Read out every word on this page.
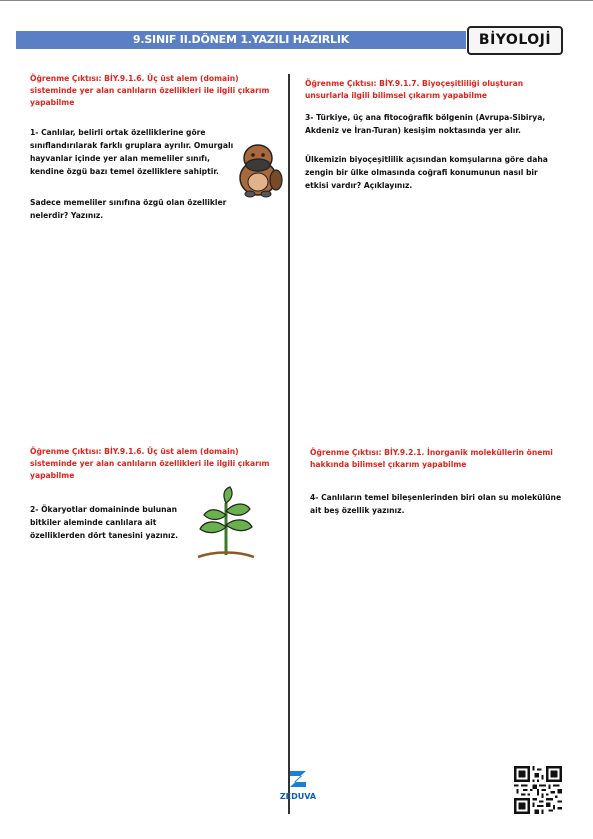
9.SINIF II.DÖNEM 1.YAZILI HAZIRLIK	BİYOLOJİ
Öğrenme Çıktısı: BİY.9.1.6. Üç üst alem (domain) sisteminde yer alan canlıların özellikleri ile ilgili çıkarım yapabilme
1- Canlılar, belirli ortak özelliklerine göre sınıflandırılarak farklı gruplara ayrılır. Omurgalı hayvanlar içinde yer alan memeliler sınıfı, kendine özgü bazı temel özelliklere sahiptir.
Sadece memeliler sınıfına özgü olan özellikler nelerdir? Yazınız.
Öğrenme Çıktısı: BİY.9.1.7. Biyoçeşitliliği oluşturan unsurlarla ilgili bilimsel çıkarım yapabilme
3- Türkiye, üç ana fitocoğrafik bölgenin (Avrupa-Sibirya, Akdeniz ve İran-Turan) kesişim noktasında yer alır.
Ülkemizin biyoçeşitlilik açısından komşularına göre daha zengin bir ülke olmasında coğrafi konumunun nasıl bir etkisi vardır? Açıklayınız.
Öğrenme Çıktısı: BİY.9.1.6. Üç üst alem (domain) sisteminde yer alan canlıların özellikleri ile ilgili çıkarım yapabilme
2- Ökaryotlar domaininde bulunan bitkiler aleminde canlılara ait özelliklerden dört tanesini yazınız.
Öğrenme Çıktısı: BİY.9.2.1. İnorganik moleküllerin önemi hakkında bilimsel çıkarım yapabilme
4- Canlıların temel bileşenlerinden biri olan su molekülüne ait beş özellik yazınız.
ZEDUVA
